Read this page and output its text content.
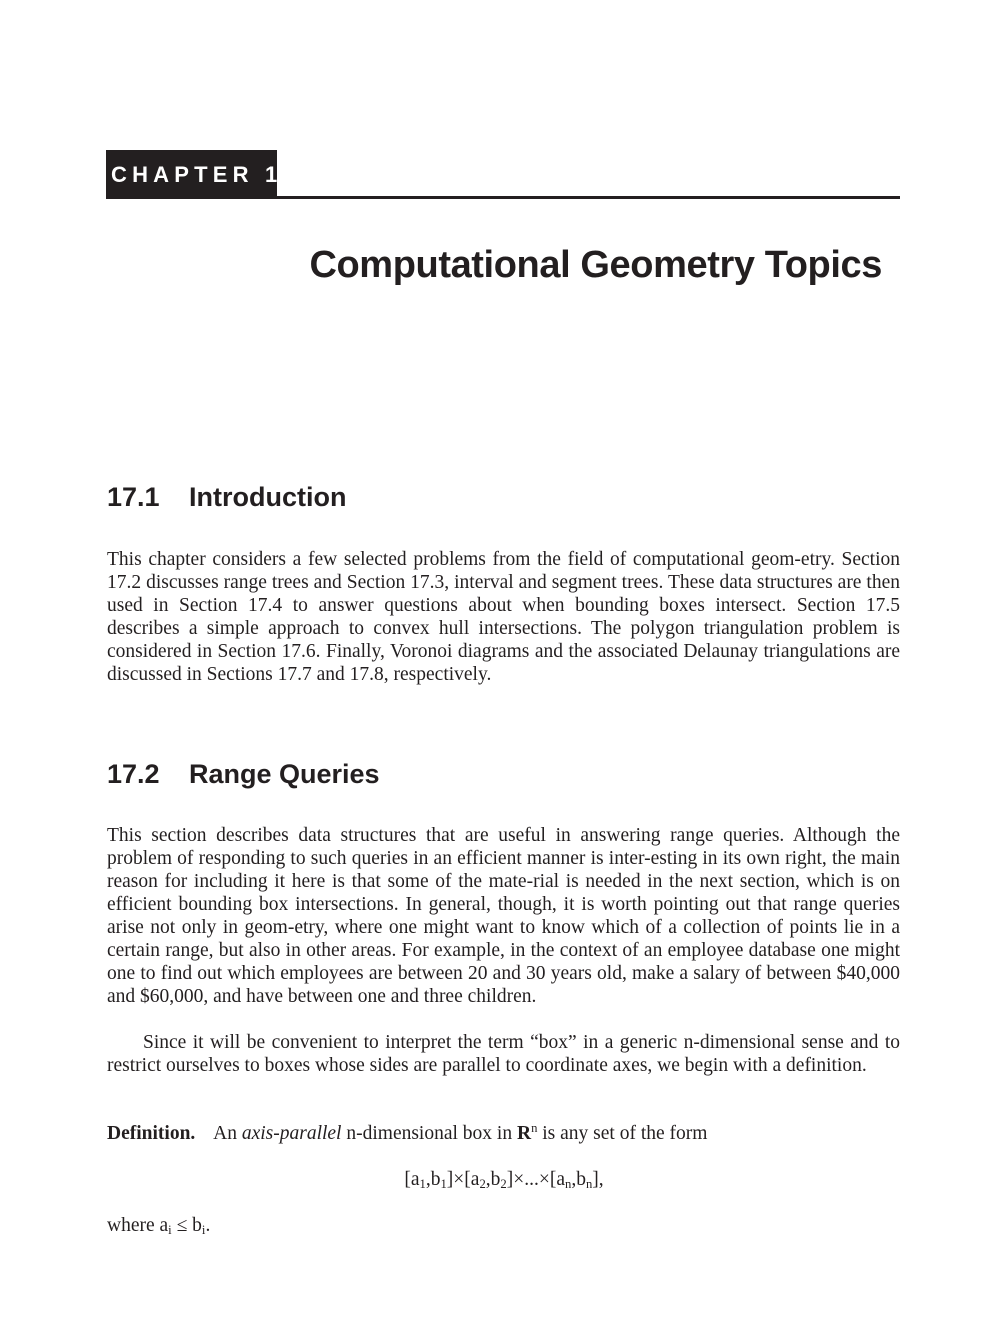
CHAPTER 17
Computational Geometry Topics
17.1 Introduction

This chapter considers a few selected problems from the field of computational geom-etry. Section 17.2 discusses range trees and Section 17.3, interval and segment trees. These data structures are then used in Section 17.4 to answer questions about when bounding boxes intersect. Section 17.5 describes a simple approach to convex hull intersections. The polygon triangulation problem is considered in Section 17.6. Finally, Voronoi diagrams and the associated Delaunay triangulations are discussed in Sections 17.7 and 17.8, respectively.

17.2 Range Queries

This section describes data structures that are useful in answering range queries. Although the problem of responding to such queries in an efficient manner is inter-esting in its own right, the main reason for including it here is that some of the mate-rial is needed in the next section, which is on efficient bounding box intersections. In general, though, it is worth pointing out that range queries arise not only in geom-etry, where one might want to know which of a collection of points lie in a certain range, but also in other areas. For example, in the context of an employee database one might one to find out which employees are between 20 and 30 years old, make a salary of between $40,000 and $60,000, and have between one and three children.

Since it will be convenient to interpret the term “box” in a generic n-dimensional sense and to restrict ourselves to boxes whose sides are parallel to coordinate axes, we begin with a definition.

Definition. An axis-parallel n-dimensional box in $R^n$ is any set of the form

$[a_1,b_1]\times[a_2,b_2]\times...\times[a_n,b_n]$,

where $a_i \le b_i$.
